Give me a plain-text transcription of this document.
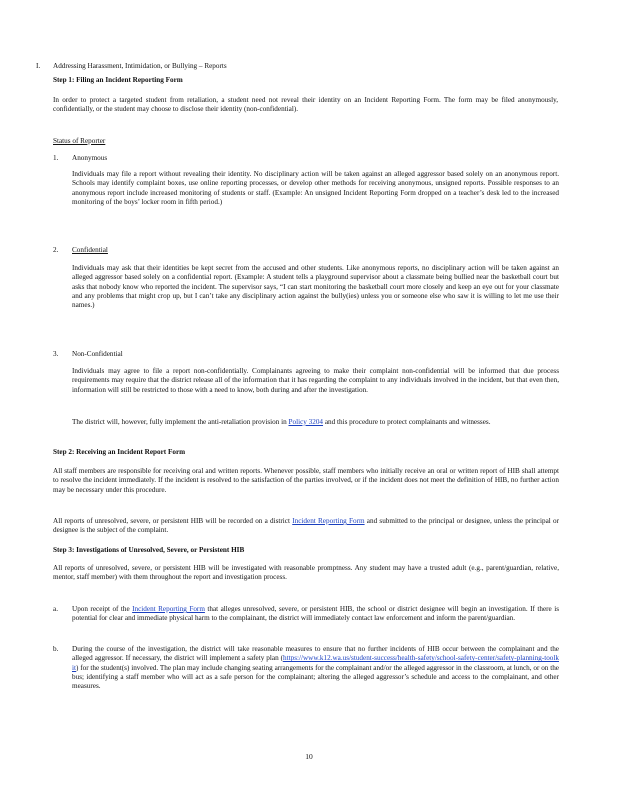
I. Addressing Harassment, Intimidation, or Bullying – Reports
Step 1: Filing an Incident Reporting Form

In order to protect a targeted student from retaliation, a student need not reveal their identity on an Incident Reporting Form. The form may be filed anonymously, confidentially, or the student may choose to disclose their identity (non-confidential).

Status of Reporter
1. Anonymous

Individuals may file a report without revealing their identity. No disciplinary action will be taken against an alleged aggressor based solely on an anonymous report. Schools may identify complaint boxes, use online reporting processes, or develop other methods for receiving anonymous, unsigned reports. Possible responses to an anonymous report include increased monitoring of students or staff. (Example: An unsigned Incident Reporting Form dropped on a teacher’s desk led to the increased monitoring of the boys’ locker room in fifth period.)

Confidential
2.

Individuals may ask that their identities be kept secret from the accused and other students. Like anonymous reports, no disciplinary action will be taken against an alleged aggressor based solely on a confidential report. (Example: A student tells a playground supervisor about a classmate being bullied near the basketball court but asks that nobody know who reported the incident. The supervisor says, “I can start monitoring the basketball court more closely and keep an eye out for your classmate and any problems that might crop up, but I can’t take any disciplinary action against the bully(ies) unless you or someone else who saw it is willing to let me use their names.)

3. Non-Confidential

Individuals may agree to file a report non-confidentially. Complainants agreeing to make their complaint non-confidential will be informed that due process requirements may require that the district release all of the information that it has regarding the complaint to any individuals involved in the incident, but that even then, information will still be restricted to those with a need to know, both during and after the investigation.

The district will, however, fully implement the anti-retaliation provision in Policy 3204 and this procedure to protect complainants and witnesses.

Step 2: Receiving an Incident Report Form

All staff members are responsible for receiving oral and written reports. Whenever possible, staff members who initially receive an oral or written report of HIB shall attempt to resolve the incident immediately. If the incident is resolved to the satisfaction of the parties involved, or if the incident does not meet the definition of HIB, no further action may be necessary under this procedure.

All reports of unresolved, severe, or persistent HIB will be recorded on a district Incident Reporting Form and submitted to the principal or designee, unless the principal or designee is the subject of the complaint.

Step 3: Investigations of Unresolved, Severe, or Persistent HIB

All reports of unresolved, severe, or persistent HIB will be investigated with reasonable promptness. Any student may have a trusted adult (e.g., parent/guardian, relative, mentor, staff member) with them throughout the report and investigation process.

a. Upon receipt of the Incident Reporting Form that alleges unresolved, severe, or persistent HIB, the school or district designee will begin an investigation. If there is potential for clear and immediate physical harm to the complainant, the district will immediately contact law enforcement and inform the parent/guardian.

b. During the course of the investigation, the district will take reasonable measures to ensure that no further incidents of HIB occur between the complainant and the alleged aggressor. If necessary, the district will implement a safety plan (https://www.k12.wa.us/student-success/health-safety/school-safety-center/safety-planning-toolkit) for the student(s) involved. The plan may include changing seating arrangements for the complainant and/or the alleged aggressor in the classroom, at lunch, or on the bus; identifying a staff member who will act as a safe person for the complainant; altering the alleged aggressor’s schedule and access to the complainant, and other measures.

10
